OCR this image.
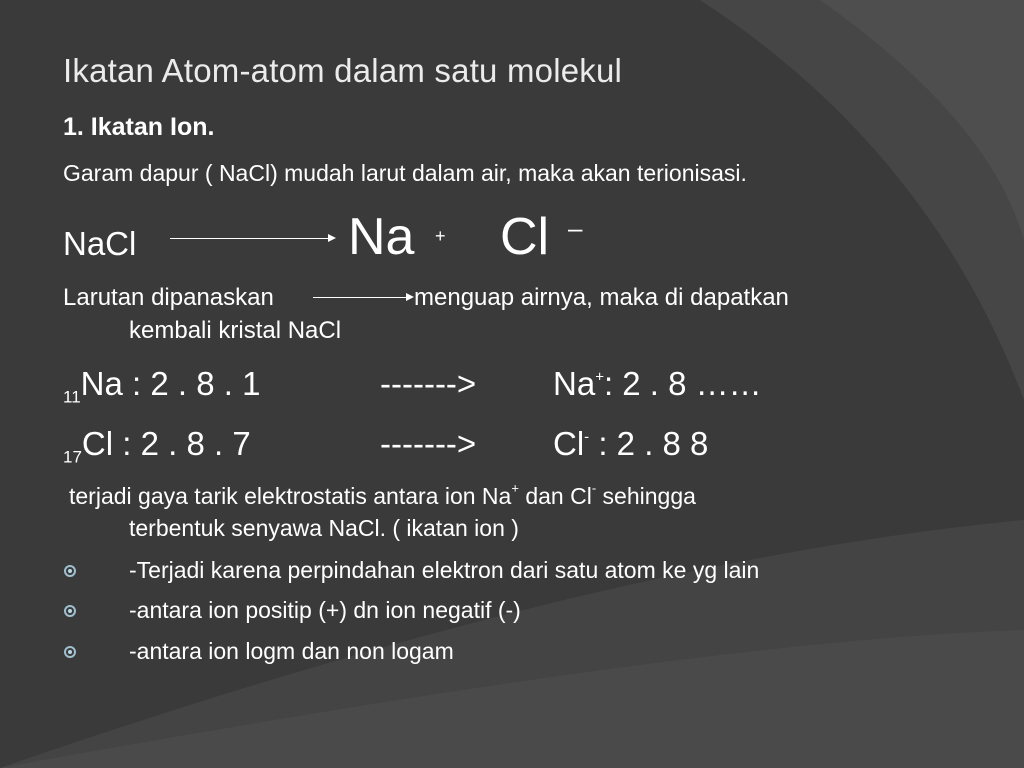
Ikatan Atom-atom dalam satu molekul
1. Ikatan Ion.
Garam dapur ( NaCl) mudah larut dalam air, maka akan terionisasi.
NaCl	Na + Cl –
Larutan dipanaskan	menguap airnya, maka di dapatkan
kembali kristal NaCl
$_{11}$Na : 2 . 8 . 1	-------> Na+: 2 . 8 ……
$_{17}$Cl : 2 . 8 . 7	-------> Cl- : 2 . 8 8
terjadi gaya tarik elektrostatis antara ion Na+ dan Cl- sehingga
terbentuk senyawa NaCl. ( ikatan ion )
-Terjadi karena perpindahan elektron dari satu atom ke yg lain
-antara ion positip (+) dn ion negatif (-)
-antara ion logm dan non logam
